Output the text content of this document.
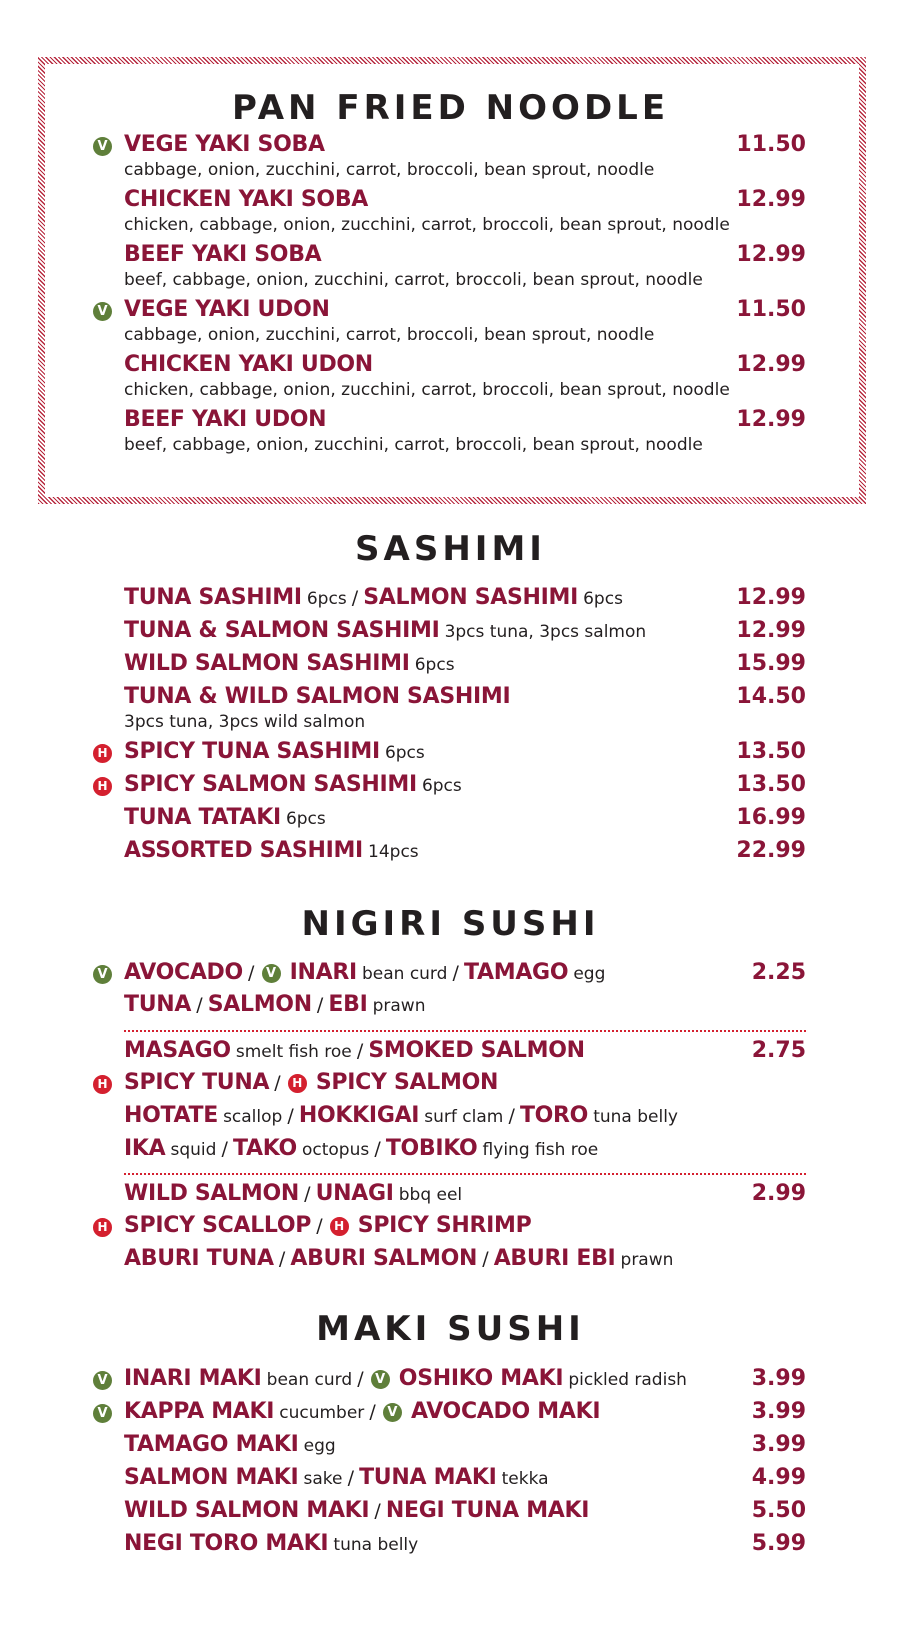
PAN FRIED NOODLE
V VEGE YAKI SOBA	11.50
cabbage, onion, zucchini, carrot, broccoli, bean sprout, noodle
CHICKEN YAKI SOBA	12.99
chicken, cabbage, onion, zucchini, carrot, broccoli, bean sprout, noodle
BEEF YAKI SOBA	12.99
beef, cabbage, onion, zucchini, carrot, broccoli, bean sprout, noodle
V VEGE YAKI UDON	11.50
cabbage, onion, zucchini, carrot, broccoli, bean sprout, noodle
CHICKEN YAKI UDON	12.99
chicken, cabbage, onion, zucchini, carrot, broccoli, bean sprout, noodle
BEEF YAKI UDON	12.99
beef, cabbage, onion, zucchini, carrot, broccoli, bean sprout, noodle
SASHIMI
TUNA SASHIMI 6pcs / SALMON SASHIMI 6pcs	12.99
TUNA & SALMON SASHIMI 3pcs tuna, 3pcs salmon	12.99
WILD SALMON SASHIMI 6pcs	15.99
TUNA & WILD SALMON SASHIMI	14.50
3pcs tuna, 3pcs wild salmon
H SPICY TUNA SASHIMI 6pcs	13.50
H SPICY SALMON SASHIMI 6pcs	13.50
TUNA TATAKI 6pcs	16.99
ASSORTED SASHIMI 14pcs	22.99
NIGIRI SUSHI
V AVOCADO / V INARI bean curd / TAMAGO egg	2.25
TUNA / SALMON / EBI prawn
MASAGO smelt fish roe / SMOKED SALMON	2.75
H SPICY TUNA / H SPICY SALMON
HOTATE scallop / HOKKIGAI surf clam / TORO tuna belly
IKA squid / TAKO octopus / TOBIKO flying fish roe
WILD SALMON / UNAGI bbq eel	2.99
H SPICY SCALLOP / H SPICY SHRIMP
ABURI TUNA / ABURI SALMON / ABURI EBI prawn
MAKI SUSHI
V INARI MAKI bean curd / V OSHIKO MAKI pickled radish	3.99
V KAPPA MAKI cucumber / V AVOCADO MAKI	3.99
TAMAGO MAKI egg	3.99
SALMON MAKI sake / TUNA MAKI tekka	4.99
WILD SALMON MAKI / NEGI TUNA MAKI	5.50
NEGI TORO MAKI tuna belly	5.99
